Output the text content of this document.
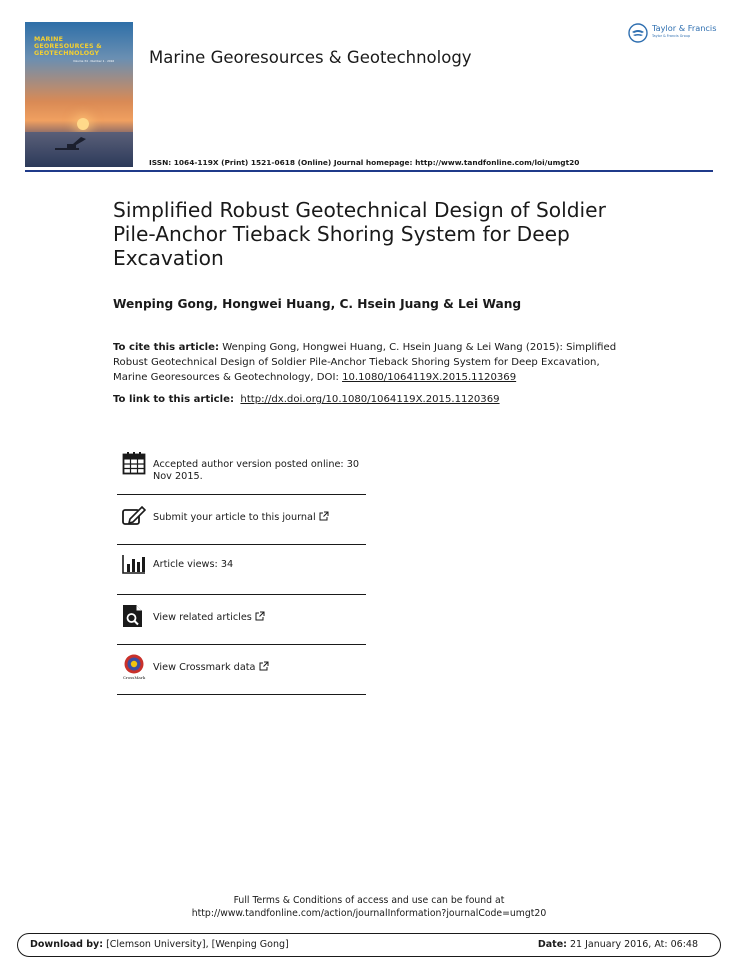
MARINE
GEORESOURCES &
GEOTECHNOLOGY
Volume 34 · Number 1 · 2016 Marine Georesources & Geotechnology
Taylor & Francis
Taylor & Francis Group
ISSN: 1064-119X (Print) 1521-0618 (Online) Journal homepage: http://www.tandfonline.com/loi/umgt20
Simplified Robust Geotechnical Design of Soldier Pile-Anchor Tieback Shoring System for Deep Excavation
Wenping Gong, Hongwei Huang, C. Hsein Juang & Lei Wang

To cite this article: Wenping Gong, Hongwei Huang, C. Hsein Juang & Lei Wang (2015): Simplified Robust Geotechnical Design of Soldier Pile-Anchor Tieback Shoring System for Deep Excavation, Marine Georesources & Geotechnology, DOI: 10.1080/1064119X.2015.1120369

To link to this article: http://dx.doi.org/10.1080/1064119X.2015.1120369

Accepted author version posted online: 30 Nov 2015.
Submit your article to this journal
Article views: 34
View related articles
CrossMark
View Crossmark data
Full Terms & Conditions of access and use can be found at
http://www.tandfonline.com/action/journalInformation?journalCode=umgt20
Download by: [Clemson University], [Wenping Gong]	Date: 21 January 2016, At: 06:48
